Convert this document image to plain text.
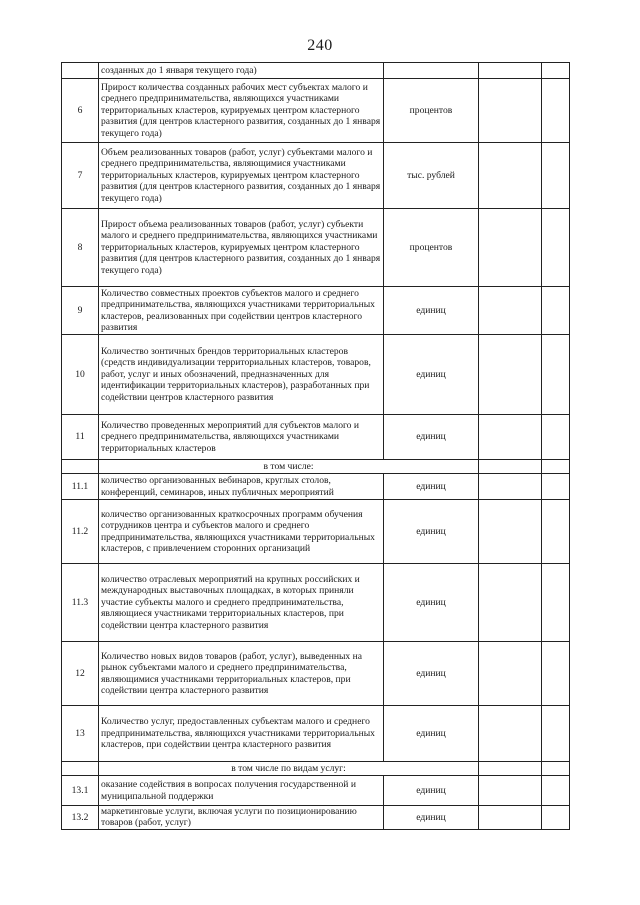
240
	созданных до 1 января текущего года)			
6	Прирост количества созданных рабочих мест субъектах малого и среднего предпринимательства, являющихся участниками территориальных кластеров, курируемых центром кластерного развития (для центров кластерного развития, созданных до 1 января текущего года)	процентов		
7	Объем реализованных товаров (работ, услуг) субъектами малого и среднего предпринимательства, являющимися участниками территориальных кластеров, курируемых центром кластерного развития (для центров кластерного развития, созданных до 1 января текущего года)	тыс. рублей		
8	Прирост объема реализованных товаров (работ, услуг) субъекти малого и среднего предпринимательства, являющихся участниками территориальных кластеров, курируемых центром кластерного развития (для центров кластерного развития, созданных до 1 января текущего года)	процентов		
9	Количество совместных проектов субъектов малого и среднего предпринимательства, являющихся участниками территориальных кластеров, реализованных при содействии центров кластерного развития	единиц		
10	Количество зонтичных брендов территориальных кластеров (средств индивидуализации территориальных кластеров, товаров, работ, услуг и иных обозначений, предназначенных для идентификации территориальных кластеров), разработанных при содействии центров кластерного развития	единиц		
11	Количество проведенных мероприятий для субъектов малого и среднего предпринимательства, являющихся участниками территориальных кластеров	единиц		
	в том числе:			
11.1	количество организованных вебинаров, круглых столов, конференций, семинаров, иных публичных мероприятий	единиц		
11.2	количество организованных краткосрочных программ обучения сотрудников центра и субъектов малого и среднего предпринимательства, являющихся участниками территориальных кластеров, с привлечением сторонних организаций	единиц		
11.3	количество отраслевых мероприятий на крупных российских и международных выставочных площадках, в которых приняли участие субъекты малого и среднего предпринимательства, являющиеся участниками территориальных кластеров, при содействии центра кластерного развития	единиц		
12	Количество новых видов товаров (работ, услуг), выведенных на рынок субъектами малого и среднего предпринимательства, являющимися участниками территориальных кластеров, при содействии центра кластерного развития	единиц		
13	Количество услуг, предоставленных субъектам малого и среднего предпринимательства, являющихся участниками территориальных кластеров, при содействии центра кластерного развития	единиц		
	в том числе по видам услуг:			
13.1	оказание содействия в вопросах получения государственной и муниципальной поддержки	единиц		
13.2	маркетинговые услуги, включая услуги по позиционированию товаров (работ, услуг)	единиц		
